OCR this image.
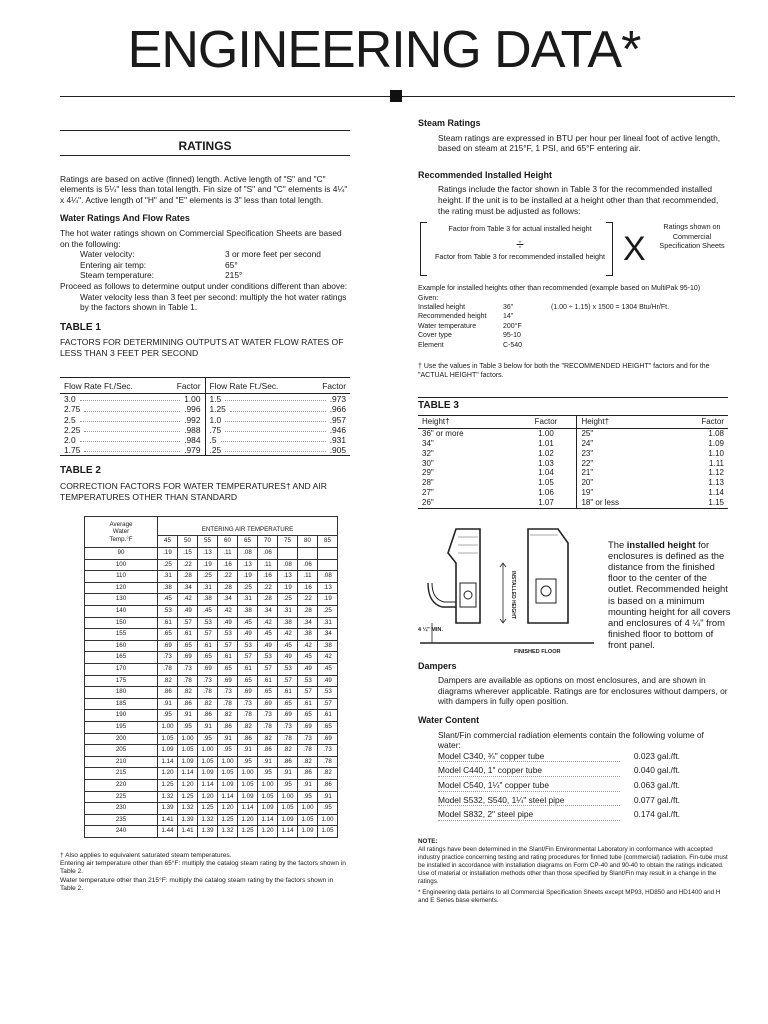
ENGINEERING DATA*
RATINGS

Ratings are based on active (finned) length. Active length of "S" and "C" elements is 5¼" less than total length. Fin size of "S" and "C" elements is 4¼" x 4¼". Active length of "H" and "E" elements is 3" less than total length.

Water Ratings And Flow Rates

The hot water ratings shown on Commercial Specification Sheets are based on the following:

Water velocity:	3 or more feet per second
Entering air temp:	65°
Steam temperature:	215°

Proceed as follows to determine output under conditions different than above:

Water velocity less than 3 feet per second: multiply the hot water ratings by the factors shown in Table 1.

TABLE 1

FACTORS FOR DETERMINING OUTPUTS AT WATER FLOW RATES OF LESS THAN 3 FEET PER SECOND

Flow Rate Ft./Sec.	Factor
3.0	1.00
2.75	.996
2.5	.992
2.25	.988
2.0	.984
1.75	.979
Flow Rate Ft./Sec.	Factor
1.5	.973
1.25	.966
1.0	.957
.75	.946
.5	.931
.25	.905
TABLE 2

CORRECTION FACTORS FOR WATER TEMPERATURES† AND AIR TEMPERATURES OTHER THAN STANDARD

Average
Water
Temp.°F	ENTERING AIR TEMPERATURE								
	45	50	55	60	65	70	75	80	85
90	.19	.15	.13	.11	.08	.06			
100	.25	.22	.19	.16	.13	.11	.08	.06	
110	.31	.28	.25	.22	.19	.16	.13	.11	.08
120	.38	.34	.31	.28	.25	.22	.19	.16	.13
130	.45	.42	.38	.34	.31	.28	.25	.22	.19
140	.53	.49	.45	.42	.38	.34	.31	.28	.25
150	.61	.57	.53	.49	.45	.42	.38	.34	.31
155	.65	.61	.57	.53	.49	.45	.42	.38	.34
160	.69	.65	.61	.57	.53	.49	.45	.42	.38
165	.73	.69	.65	.61	.57	.53	.49	.45	.42
170	.78	.73	.69	.65	.61	.57	.53	.49	.45
175	.82	.78	.73	.69	.65	.61	.57	.53	.49
180	.86	.82	.78	.73	.69	.65	.61	.57	.53
185	.91	.86	.82	.78	.73	.69	.65	.61	.57
190	.95	.91	.86	.82	.78	.73	.69	.65	.61
195	1.00	.95	.91	.86	.82	.78	.73	.69	.65
200	1.05	1.00	.95	.91	.86	.82	.78	.73	.69
205	1.09	1.05	1.00	.95	.91	.86	.82	.78	.73
210	1.14	1.09	1.05	1.00	.95	.91	.86	.82	.78
215	1.20	1.14	1.09	1.05	1.00	.95	.91	.86	.82
220	1.25	1.20	1.14	1.09	1.05	1.00	.95	.91	.86
225	1.32	1.25	1.20	1.14	1.09	1.05	1.00	.95	.91
230	1.39	1.32	1.25	1.20	1.14	1.09	1.05	1.00	.95
235	1.41	1.39	1.32	1.25	1.20	1.14	1.09	1.05	1.00
240	1.44	1.41	1.39	1.32	1.25	1.20	1.14	1.09	1.05

† Also applies to equivalent saturated steam temperatures.

Entering air temperature other than 65°F: multiply the catalog steam rating by the factors shown in Table 2.

Water temperature other than 215°F: multiply the catalog steam rating by the factors shown in Table 2.

Steam Ratings

Steam ratings are expressed in BTU per hour per lineal foot of active length, based on steam at 215°F, 1 PSI, and 65°F entering air.

Recommended Installed Height

Ratings include the factor shown in Table 3 for the recommended installed height. If the unit is to be installed at a height other than that recommended, the rating must be adjusted as follows:

Factor from Table 3 for actual installed height
÷
Factor from Table 3 for recommended installed height X
Ratings shown on Commercial Specification Sheets

Example for installed heights other than recommended (example based on MultiPak 95-10)

Given:

Installed height	36"	(1.00 ÷ 1.15) x 1500 = 1304 Btu/Hr/Ft.
Recommended height	14"
Water temperature	200°F
Cover type	95-10
Element	C-540

† Use the values in Table 3 below for both the "RECOMMENDED HEIGHT" factors and for the "ACTUAL HEIGHT" factors.

TABLE 3
Height†	Factor	Height†	Factor
36" or more	1.00	25"	1.08
34"	1.01	24"	1.09
32"	1.02	23"	1.10
30"	1.03	22"	1.11
29"	1.04	21"	1.12
28"	1.05	20"	1.13
27"	1.06	19"	1.14
26"	1.07	18" or less	1.15
INSTALLED HEIGHT
4 ¼" MIN.
FINISHED FLOOR
The installed height for enclosures is defined as the distance from the finished floor to the center of the outlet. Recommended height is based on a minimum mounting height for all covers and enclosures of 4 ¼" from finished floor to bottom of front panel.
Dampers

Dampers are available as options on most enclosures, and are shown in diagrams wherever applicable. Ratings are for enclosures without dampers, or with dampers in fully open position.

Water Content

Slant/Fin commercial radiation elements contain the following volume of water:

Model C340, ¾" copper tube	0.023 gal./ft.
Model C440, 1" copper tube	0.040 gal./ft.
Model C540, 1¼" copper tube	0.063 gal./ft.
Model S532, S540, 1¼" steel pipe	0.077 gal./ft.
Model S832, 2" steel pipe	0.174 gal./ft.

NOTE:

All ratings have been determined in the Slant/Fin Environmental Laboratory in conformance with accepted industry practice concerning testing and rating procedures for finned tube (commercial) radiation. Fin-tube must be installed in accordance with installation diagrams on Form CP-40 and 90-40 to obtain the ratings indicated. Use of material or installation methods other than those specified by Slant/Fin may result in a change in the ratings.

* Engineering data pertains to all Commercial Specification Sheets except MP93, HD850 and HD1400 and H and E Series base elements.
